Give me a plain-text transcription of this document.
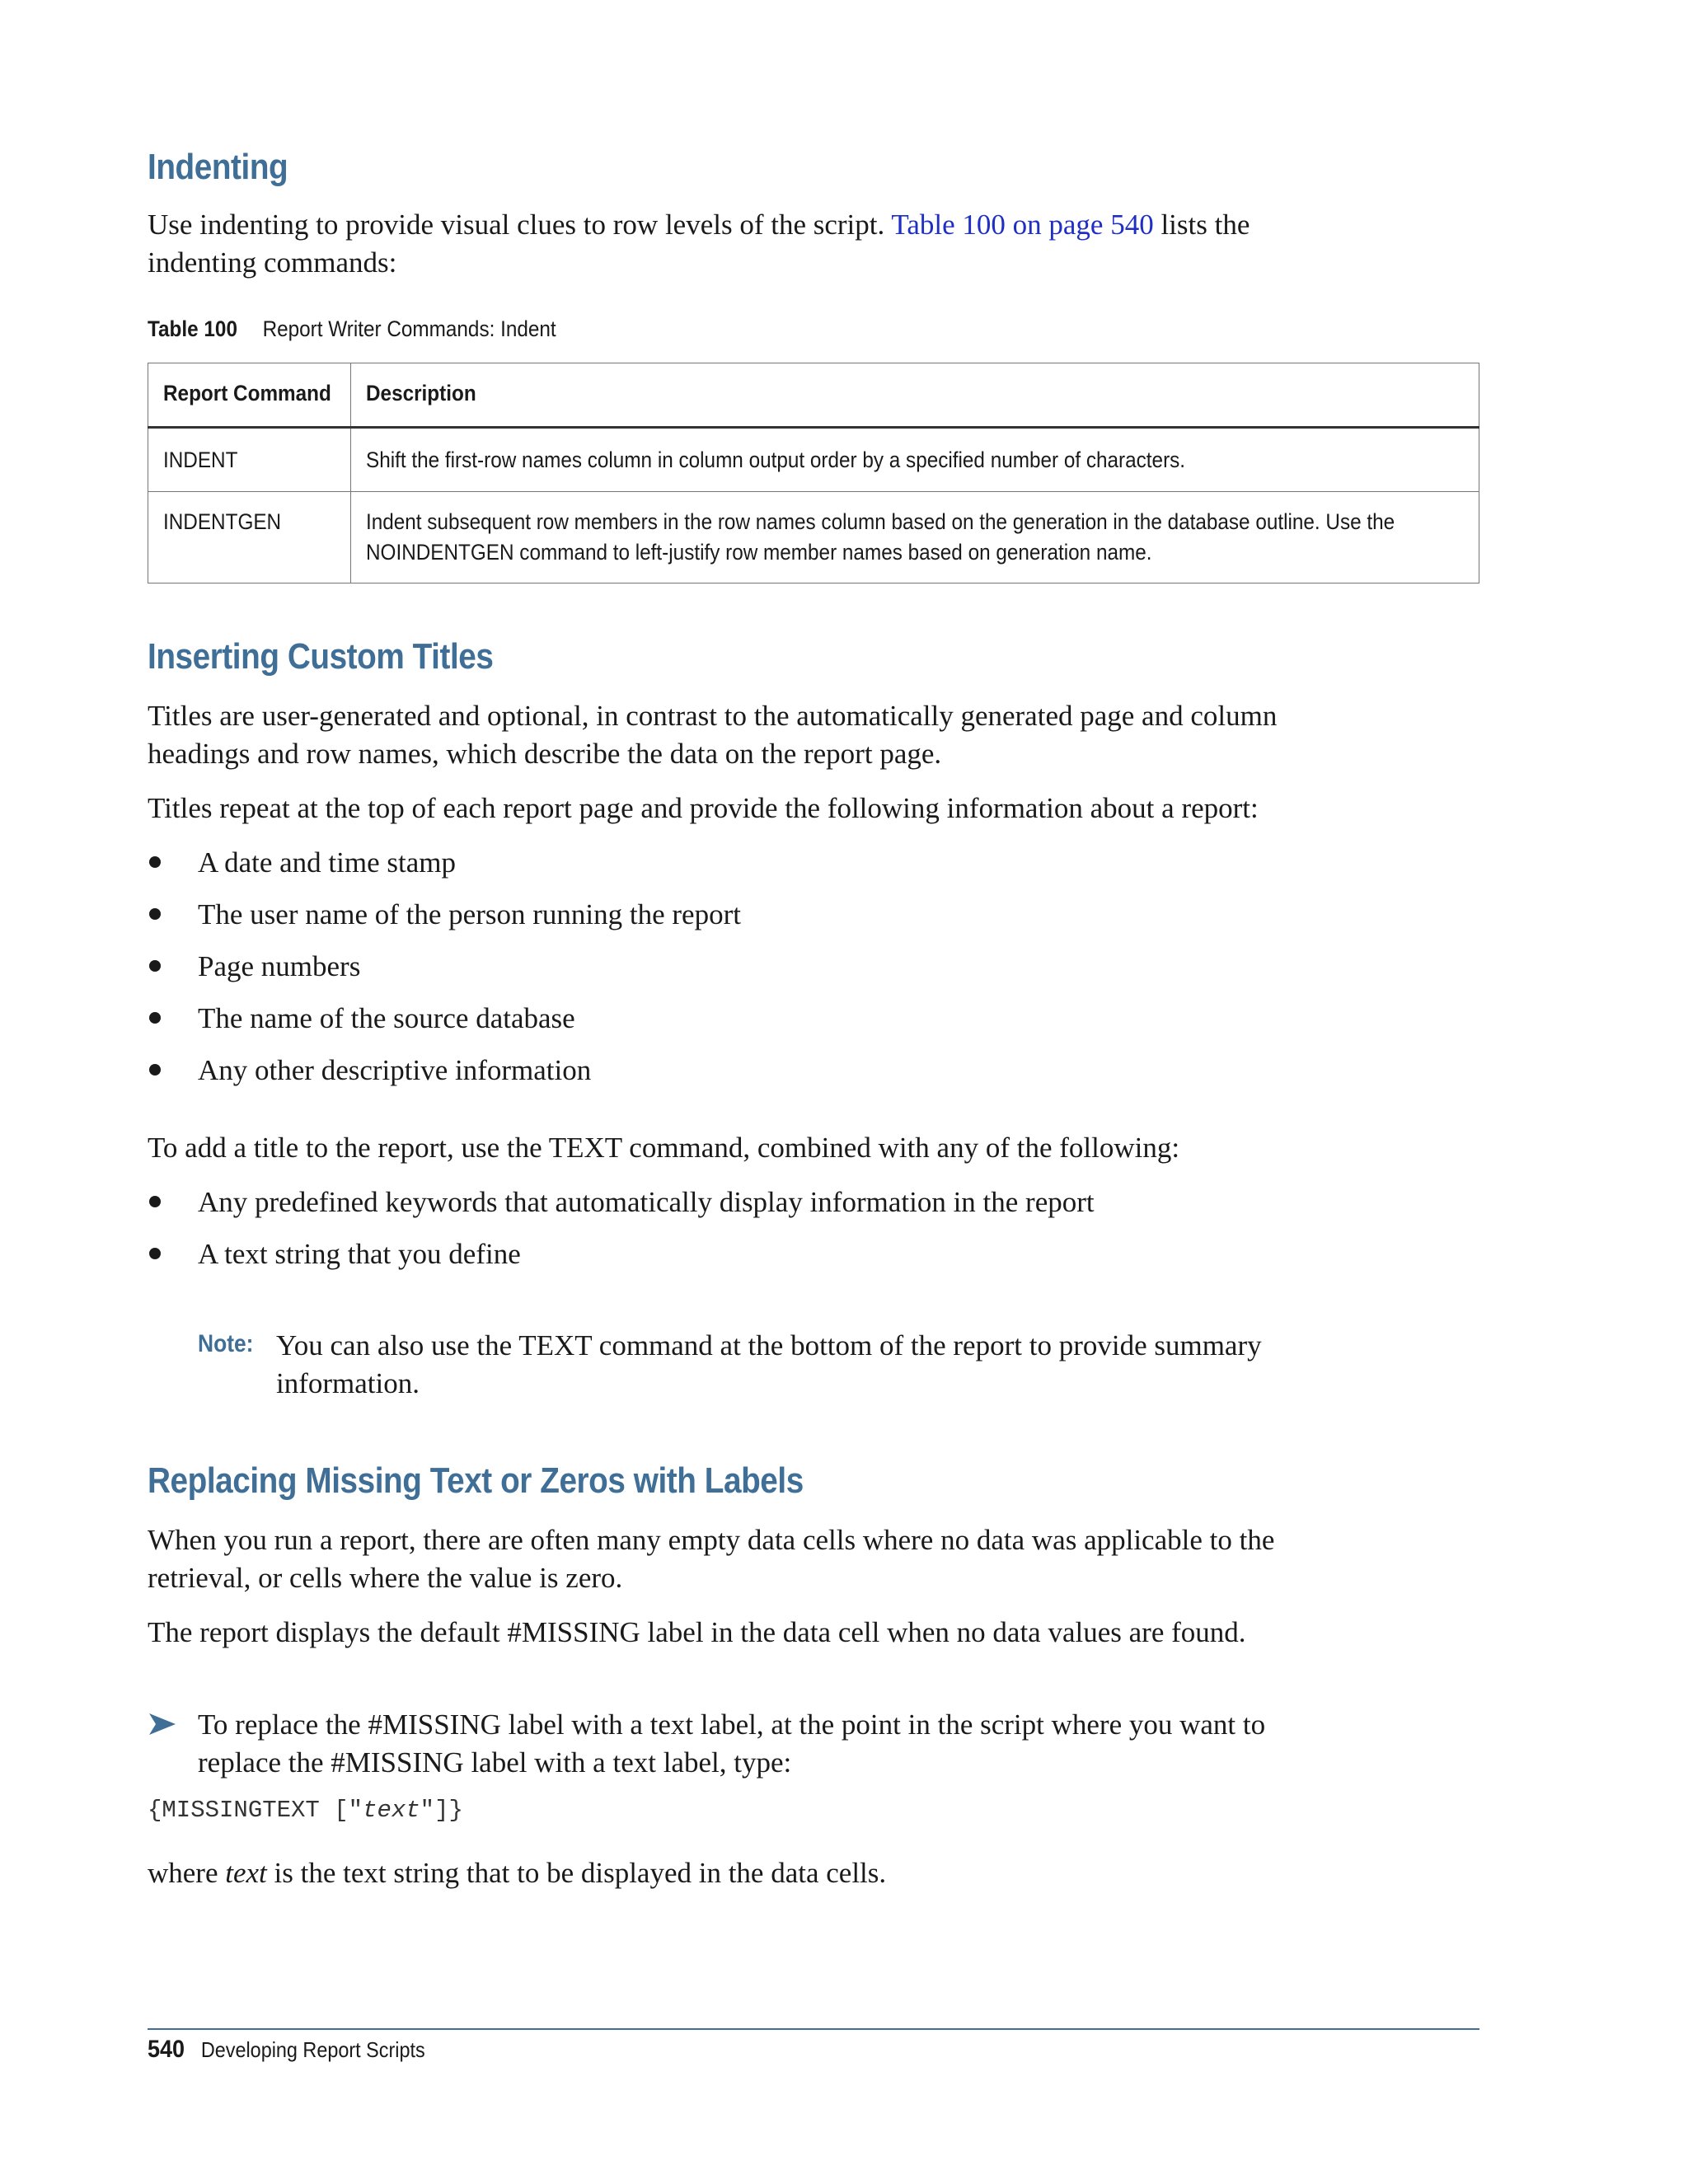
Indenting

Use indenting to provide visual clues to row levels of the script. Table 100 on page 540 lists the indenting commands:

Table 100 Report Writer Commands: Indent

Report Command	Description
INDENT	Shift the first-row names column in column output order by a specified number of characters.
INDENTGEN	Indent subsequent row members in the row names column based on the generation in the database outline. Use the NOINDENTGEN command to left-justify row member names based on generation name.
Inserting Custom Titles

Titles are user-generated and optional, in contrast to the automatically generated page and column headings and row names, which describe the data on the report page.

Titles repeat at the top of each report page and provide the following information about a report:

A date and time stamp
The user name of the person running the report
Page numbers
The name of the source database
Any other descriptive information

To add a title to the report, use the TEXT command, combined with any of the following:

Any predefined keywords that automatically display information in the report
A text string that you define
Note: You can also use the TEXT command at the bottom of the report to provide summary information.
Replacing Missing Text or Zeros with Labels

When you run a report, there are often many empty data cells where no data was applicable to the retrieval, or cells where the value is zero.

The report displays the default #MISSING label in the data cell when no data values are found.

To replace the #MISSING label with a text label, at the point in the script where you want to replace the #MISSING label with a text label, type:

{MISSINGTEXT ["text"]}

where text is the text string that to be displayed in the data cells.

540 Developing Report Scripts
